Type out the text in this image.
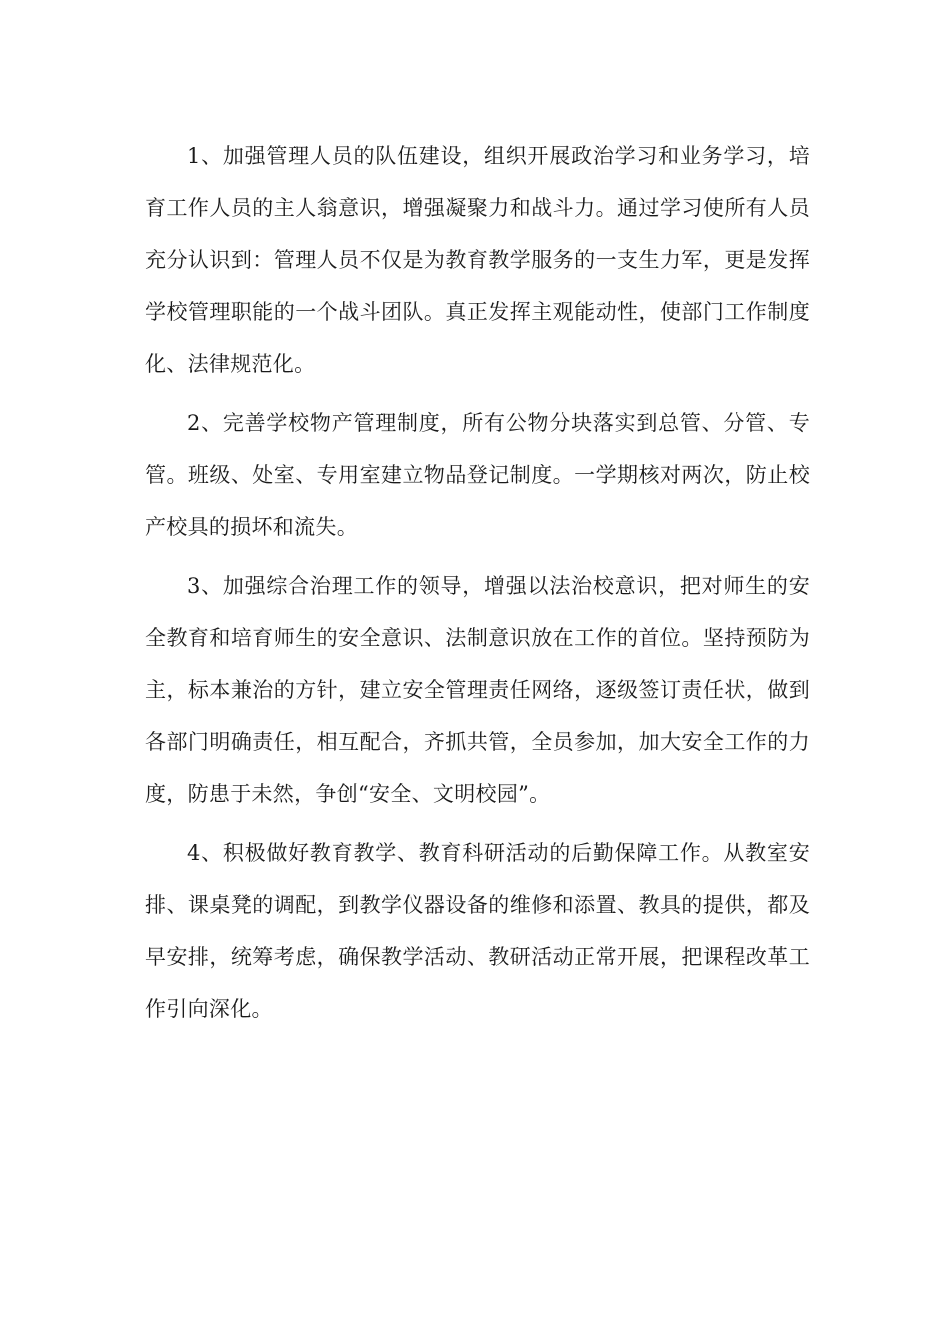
1、加强管理人员的队伍建设，组织开展政治学习和业务学习，培育工作人员的主人翁意识，增强凝聚力和战斗力。通过学习使所有人员充分认识到：管理人员不仅是为教育教学服务的一支生力军，更是发挥学校管理职能的一个战斗团队。真正发挥主观能动性，使部门工作制度化、法律规范化。

2、完善学校物产管理制度，所有公物分块落实到总管、分管、专管。班级、处室、专用室建立物品登记制度。一学期核对两次，防止校产校具的损坏和流失。

3、加强综合治理工作的领导，增强以法治校意识，把对师生的安全教育和培育师生的安全意识、法制意识放在工作的首位。坚持预防为主，标本兼治的方针，建立安全管理责任网络，逐级签订责任状，做到各部门明确责任，相互配合，齐抓共管，全员参加，加大安全工作的力度，防患于未然，争创“安全、文明校园”。

4、积极做好教育教学、教育科研活动的后勤保障工作。从教室安排、课桌凳的调配，到教学仪器设备的维修和添置、教具的提供，都及早安排，统筹考虑，确保教学活动、教研活动正常开展，把课程改革工作引向深化。
